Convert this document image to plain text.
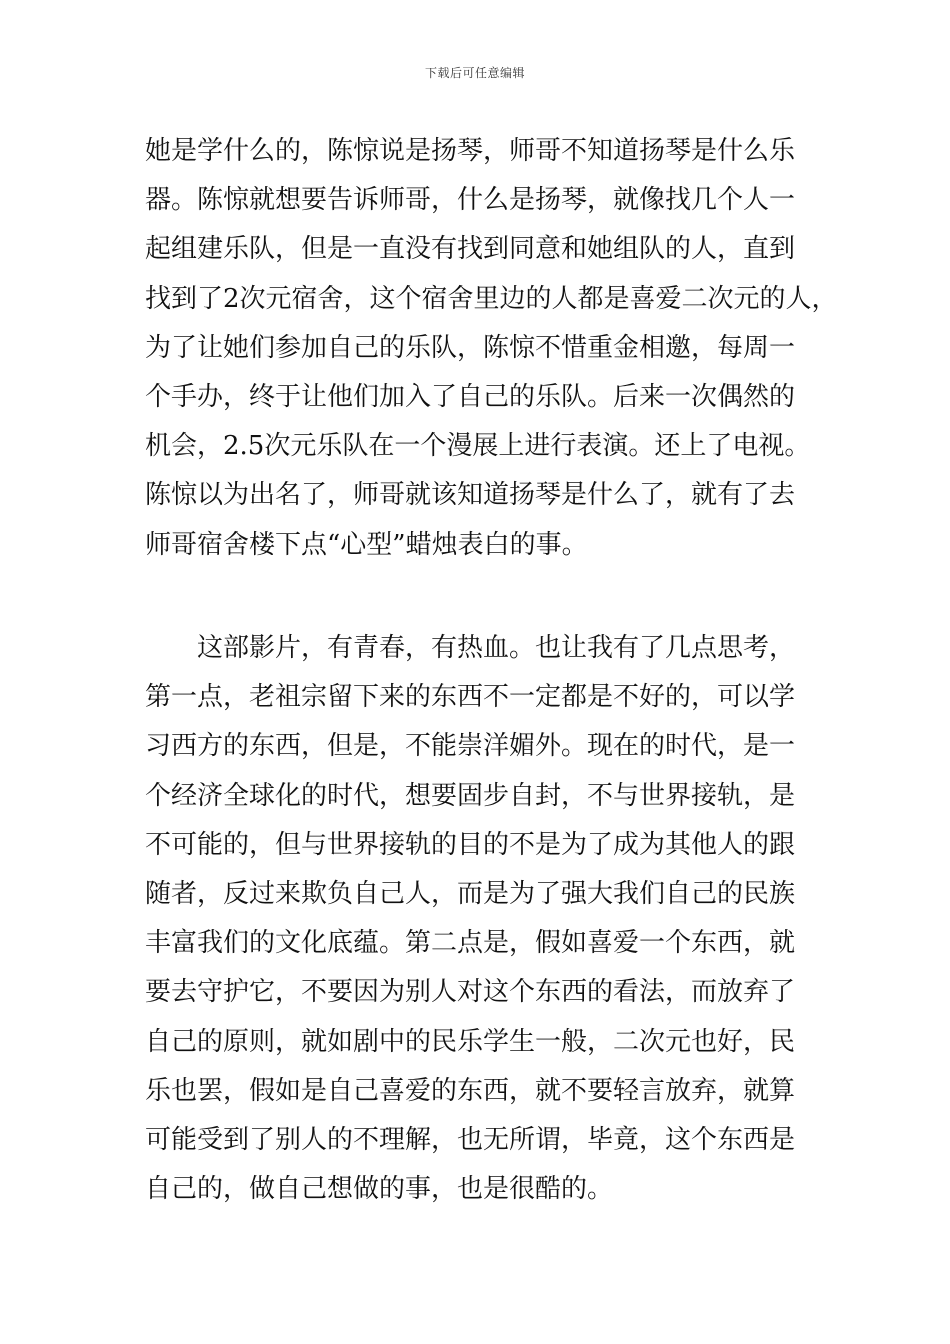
下载后可任意编辑
她是学什么的，陈惊说是扬琴，师哥不知道扬琴是什么乐
器。陈惊就想要告诉师哥，什么是扬琴，就像找几个人一
起组建乐队，但是一直没有找到同意和她组队的人，直到
找到了2次元宿舍，这个宿舍里边的人都是喜爱二次元的人，
为了让她们参加自己的乐队，陈惊不惜重金相邀，每周一
个手办，终于让他们加入了自己的乐队。后来一次偶然的
机会，2.5次元乐队在一个漫展上进行表演。还上了电视。
陈惊以为出名了，师哥就该知道扬琴是什么了，就有了去
师哥宿舍楼下点“心型”蜡烛表白的事。
这部影片，有青春，有热血。也让我有了几点思考，
第一点，老祖宗留下来的东西不一定都是不好的，可以学
习西方的东西，但是，不能崇洋媚外。现在的时代，是一
个经济全球化的时代，想要固步自封，不与世界接轨，是
不可能的，但与世界接轨的目的不是为了成为其他人的跟
随者，反过来欺负自己人，而是为了强大我们自己的民族
丰富我们的文化底蕴。第二点是，假如喜爱一个东西，就
要去守护它，不要因为别人对这个东西的看法，而放弃了
自己的原则，就如剧中的民乐学生一般，二次元也好，民
乐也罢，假如是自己喜爱的东西，就不要轻言放弃，就算
可能受到了别人的不理解，也无所谓，毕竟，这个东西是
自己的，做自己想做的事，也是很酷的。
